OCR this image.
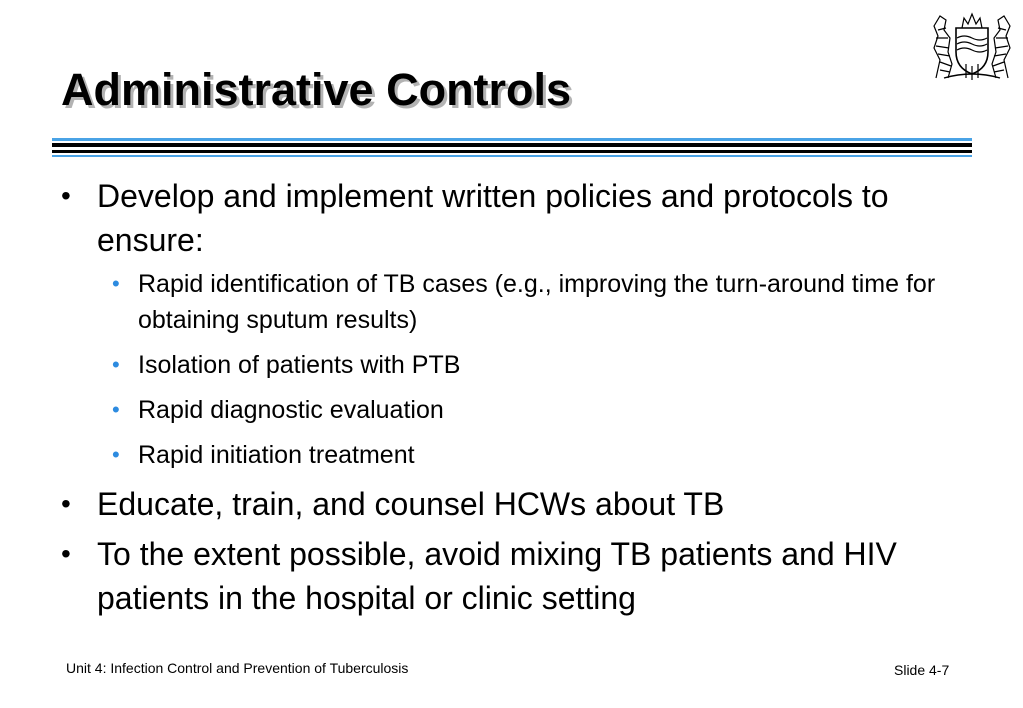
Administrative Controls
• Develop and implement written policies and protocols to ensure:
• Rapid identification of TB cases (e.g., improving the turn-around time for obtaining sputum results)
• Isolation of patients with PTB
• Rapid diagnostic evaluation
• Rapid initiation treatment
• Educate, train, and counsel HCWs about TB
• To the extent possible, avoid mixing TB patients and HIV patients in the hospital or clinic setting
Unit 4: Infection Control and Prevention of Tuberculosis	Slide 4-7
